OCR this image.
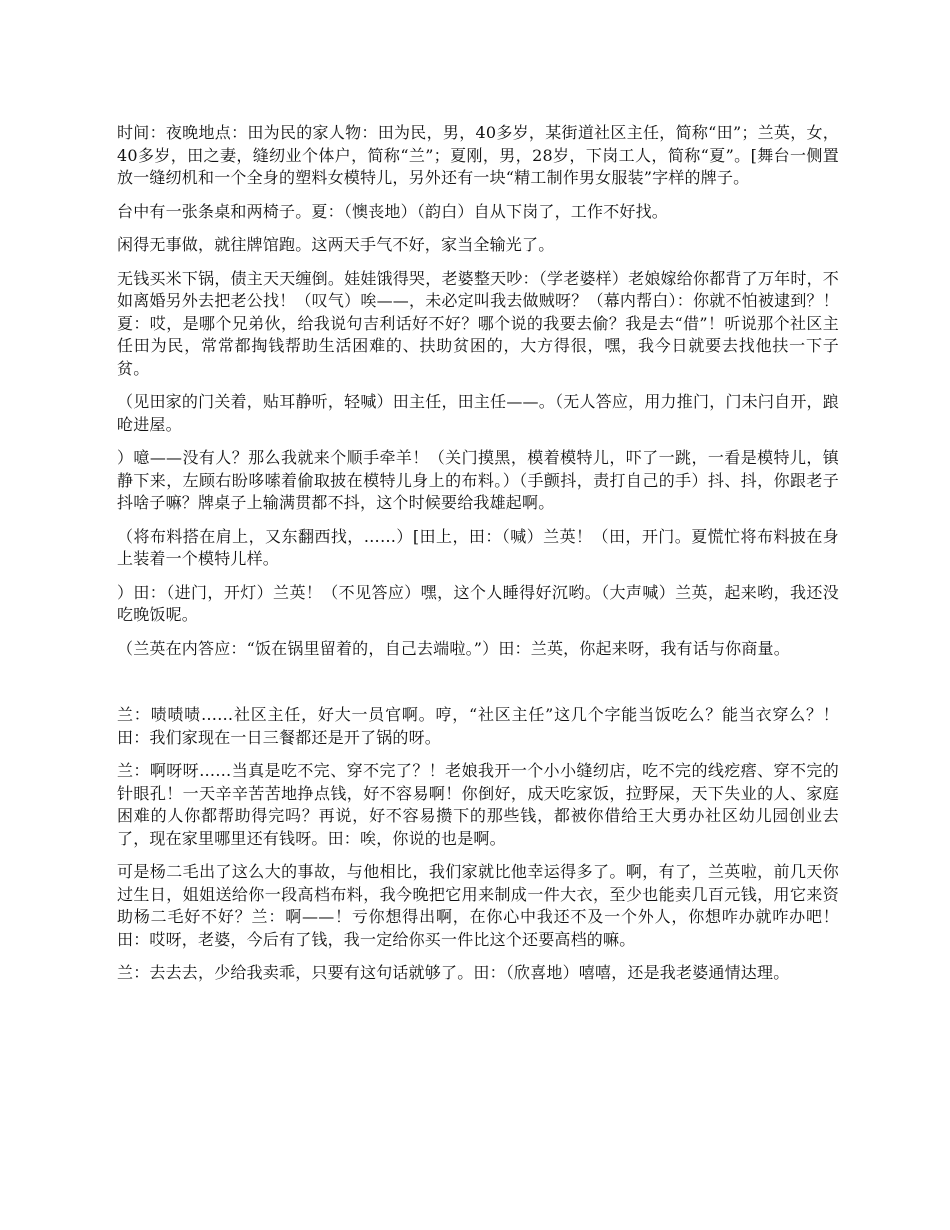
时间：夜晚地点：田为民的家人物：田为民，男，40多岁，某街道社区主任，简称“田”；兰英，女，40多岁，田之妻，缝纫业个体户，简称“兰”；夏刚，男，28岁，下岗工人，简称“夏”。[舞台一侧置放一缝纫机和一个全身的塑料女模特儿，另外还有一块“精工制作男女服装”字样的牌子。

台中有一张条桌和两椅子。夏：（懊丧地）（韵白）自从下岗了，工作不好找。

闲得无事做，就往牌馆跑。这两天手气不好，家当全输光了。

无钱买米下锅，债主天天缠倒。娃娃饿得哭，老婆整天吵：（学老婆样）老娘嫁给你都背了万年时，不如离婚另外去把老公找！（叹气）唉——，未必定叫我去做贼呀？（幕内帮白）：你就不怕被逮到？！夏：哎，是哪个兄弟伙，给我说句吉利话好不好？哪个说的我要去偷？我是去“借”！听说那个社区主任田为民，常常都掏钱帮助生活困难的、扶助贫困的，大方得很，嘿，我今日就要去找他扶一下子贫。

（见田家的门关着，贴耳静听，轻喊）田主任，田主任——。（无人答应，用力推门，门未闩自开，踉呛进屋。

）噫——没有人？那么我就来个顺手牵羊！（关门摸黑，模着模特儿，吓了一跳，一看是模特儿，镇静下来，左顾右盼哆嗦着偷取披在模特儿身上的布料。）（手颤抖，责打自己的手）抖、抖，你跟老子抖啥子嘛？牌桌子上输满贯都不抖，这个时候要给我雄起啊。

（将布料搭在肩上，又东翻西找，……）[田上，田：（喊）兰英！（田，开门。夏慌忙将布料披在身上装着一个模特儿样。

）田：（进门，开灯）兰英！（不见答应）嘿，这个人睡得好沉哟。（大声喊）兰英，起来哟，我还没吃晚饭呢。

（兰英在内答应：“饭在锅里留着的，自己去端啦。”）田：兰英，你起来呀，我有话与你商量。

兰：啧啧啧……社区主任，好大一员官啊。哼，“社区主任”这几个字能当饭吃么？能当衣穿么？！田：我们家现在一日三餐都还是开了锅的呀。

兰：啊呀呀……当真是吃不完、穿不完了？！老娘我开一个小小缝纫店，吃不完的线疙瘩、穿不完的针眼孔！一天辛辛苦苦地挣点钱，好不容易啊！你倒好，成天吃家饭，拉野屎，天下失业的人、家庭困难的人你都帮助得完吗？再说，好不容易攒下的那些钱，都被你借给王大勇办社区幼儿园创业去了，现在家里哪里还有钱呀。田：唉，你说的也是啊。

可是杨二毛出了这么大的事故，与他相比，我们家就比他幸运得多了。啊，有了，兰英啦，前几天你过生日，姐姐送给你一段高档布料，我今晚把它用来制成一件大衣，至少也能卖几百元钱，用它来资助杨二毛好不好？兰：啊——！亏你想得出啊，在你心中我还不及一个外人，你想咋办就咋办吧！田：哎呀，老婆，今后有了钱，我一定给你买一件比这个还要高档的嘛。

兰：去去去，少给我卖乖，只要有这句话就够了。田：（欣喜地）嘻嘻，还是我老婆通情达理。
